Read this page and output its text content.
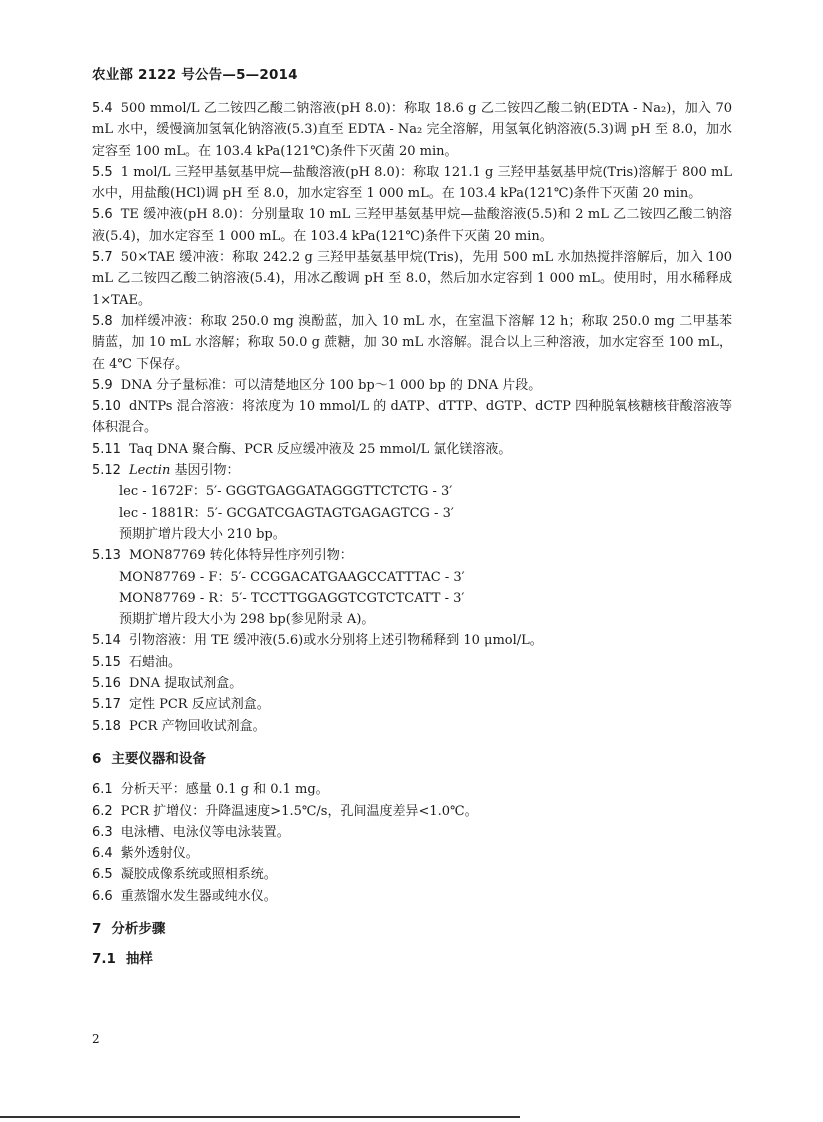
农业部 2122 号公告—5—2014

5.4 500 mmol/L 乙二铵四乙酸二钠溶液(pH 8.0)：称取 18.6 g 乙二铵四乙酸二钠(EDTA - Na₂)，加入 70 mL 水中，缓慢滴加氢氧化钠溶液(5.3)直至 EDTA - Na₂ 完全溶解，用氢氧化钠溶液(5.3)调 pH 至 8.0，加水定容至 100 mL。在 103.4 kPa(121℃)条件下灭菌 20 min。

5.5 1 mol/L 三羟甲基氨基甲烷—盐酸溶液(pH 8.0)：称取 121.1 g 三羟甲基氨基甲烷(Tris)溶解于 800 mL 水中，用盐酸(HCl)调 pH 至 8.0，加水定容至 1 000 mL。在 103.4 kPa(121℃)条件下灭菌 20 min。

5.6 TE 缓冲液(pH 8.0)：分别量取 10 mL 三羟甲基氨基甲烷—盐酸溶液(5.5)和 2 mL 乙二铵四乙酸二钠溶液(5.4)，加水定容至 1 000 mL。在 103.4 kPa(121℃)条件下灭菌 20 min。

5.7 50×TAE 缓冲液：称取 242.2 g 三羟甲基氨基甲烷(Tris)，先用 500 mL 水加热搅拌溶解后，加入 100 mL 乙二铵四乙酸二钠溶液(5.4)，用冰乙酸调 pH 至 8.0，然后加水定容到 1 000 mL。使用时，用水稀释成 1×TAE。

5.8 加样缓冲液：称取 250.0 mg 溴酚蓝，加入 10 mL 水，在室温下溶解 12 h；称取 250.0 mg 二甲基苯腈蓝，加 10 mL 水溶解；称取 50.0 g 蔗糖，加 30 mL 水溶解。混合以上三种溶液，加水定容至 100 mL，在 4℃ 下保存。

5.9 DNA 分子量标准：可以清楚地区分 100 bp～1 000 bp 的 DNA 片段。

5.10 dNTPs 混合溶液：将浓度为 10 mmol/L 的 dATP、dTTP、dGTP、dCTP 四种脱氧核糖核苷酸溶液等体积混合。

5.11 Taq DNA 聚合酶、PCR 反应缓冲液及 25 mmol/L 氯化镁溶液。

5.12 Lectin 基因引物：

lec - 1672F：5′- GGGTGAGGATAGGGTTCTCTG - 3′

lec - 1881R：5′- GCGATCGAGTAGTGAGAGTCG - 3′

预期扩增片段大小 210 bp。

5.13 MON87769 转化体特异性序列引物：

MON87769 - F：5′- CCGGACATGAAGCCATTTAC - 3′

MON87769 - R：5′- TCCTTGGAGGTCGTCTCATT - 3′

预期扩增片段大小为 298 bp(参见附录 A)。

5.14 引物溶液：用 TE 缓冲液(5.6)或水分别将上述引物稀释到 10 μmol/L。

5.15 石蜡油。

5.16 DNA 提取试剂盒。

5.17 定性 PCR 反应试剂盒。

5.18 PCR 产物回收试剂盒。

6 主要仪器和设备

6.1 分析天平：感量 0.1 g 和 0.1 mg。

6.2 PCR 扩增仪：升降温速度>1.5℃/s，孔间温度差异<1.0℃。

6.3 电泳槽、电泳仪等电泳装置。

6.4 紫外透射仪。

6.5 凝胶成像系统或照相系统。

6.6 重蒸馏水发生器或纯水仪。

7 分析步骤

7.1 抽样

2
